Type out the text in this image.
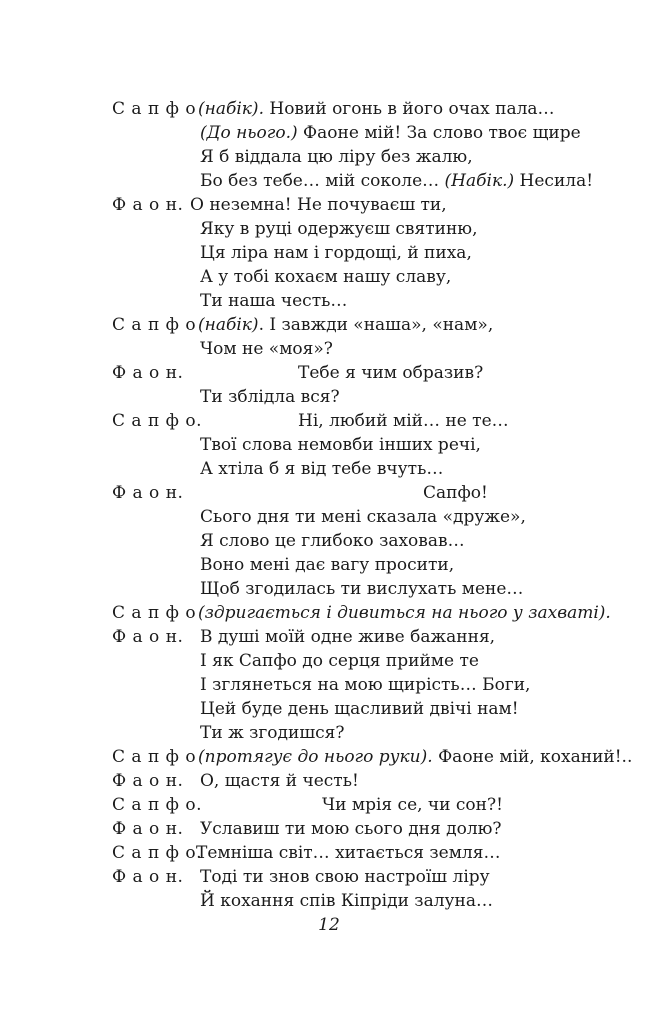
С а п ф о (набік). Новий огонь в його очах пала…
(До нього.) Фаоне мій! За слово твоє щире
Я б віддала цю ліру без жалю,
Бо без тебе… мій соколе… (Набік.) Несила!
Ф а о н. О неземна! Не почуваєш ти,
Яку в руці одержуєш святиню,
Ця ліра нам і гордощі, й пиха,
А у тобі кохаєм нашу славу,
Ти наша честь…
С а п ф о (набік). І завжди «наша», «нам»,
Чом не «моя»?
Ф а о н.	Тебе я чим образив?
Ти зблідла вся?
С а п ф о.	Ні, любий мій… не те…
Твої слова немовби інших речі,
А хтіла б я від тебе вчуть…
Ф а о н.	Сапфо!
Сього дня ти мені сказала «друже»,
Я слово це глибоко заховав…
Воно мені дає вагу просити,
Щоб згодилась ти вислухать мене…
С а п ф о (здригається і дивиться на нього у захваті).
Ф а о н. В душі моїй одне живе бажання,
І як Сапфо до серця прийме те
І зглянеться на мою щирість… Боги,
Цей буде день щасливий двічі нам!
Ти ж згодишся?
С а п ф о (протягує до нього руки). Фаоне мій, коханий!..
Ф а о н. О, щастя й честь!
С а п ф о.	Чи мрія се, чи сон?!
Ф а о н. Уславиш ти мою сього дня долю?
С а п ф о.
Темніша світ… хитається земля…
Ф а о н. Тоді ти знов свою настроїш ліру
Й кохання спів Кіпріди залуна…
12
